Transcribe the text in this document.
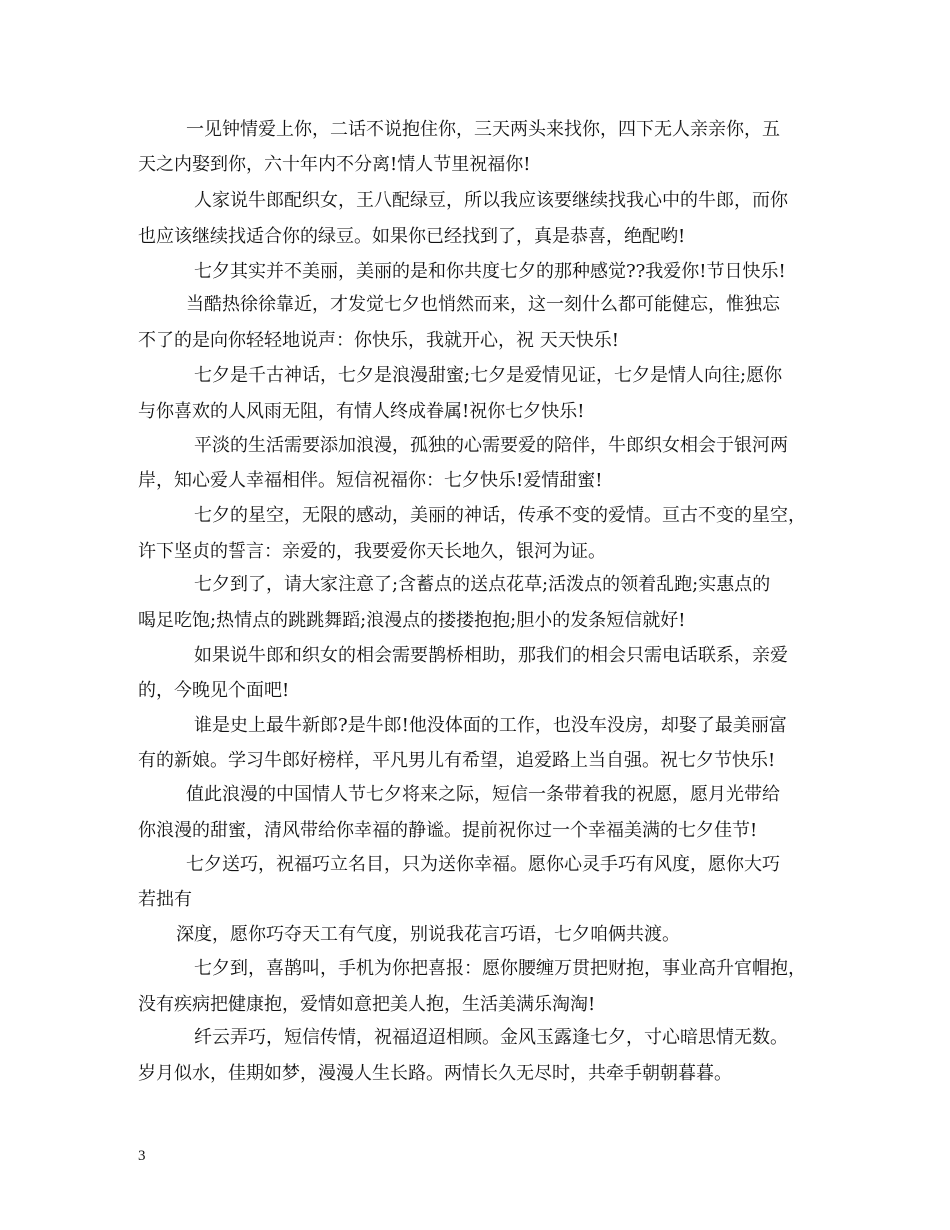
一见钟情爱上你，二话不说抱住你，三天两头来找你，四下无人亲亲你，五
天之内娶到你，六十年内不分离!情人节里祝福你!
人家说牛郎配织女，王八配绿豆，所以我应该要继续找我心中的牛郎，而你
也应该继续找适合你的绿豆。如果你已经找到了，真是恭喜，绝配哟!
七夕其实并不美丽，美丽的是和你共度七夕的那种感觉??我爱你!节日快乐!
当酷热徐徐靠近，才发觉七夕也悄然而来，这一刻什么都可能健忘，惟独忘
不了的是向你轻轻地说声：你快乐，我就开心，祝 天天快乐!
七夕是千古神话，七夕是浪漫甜蜜;七夕是爱情见证，七夕是情人向往;愿你
与你喜欢的人风雨无阻，有情人终成眷属!祝你七夕快乐!
平淡的生活需要添加浪漫，孤独的心需要爱的陪伴，牛郎织女相会于银河两
岸，知心爱人幸福相伴。短信祝福你：七夕快乐!爱情甜蜜!
七夕的星空，无限的感动，美丽的神话，传承不变的爱情。亘古不变的星空，
许下坚贞的誓言：亲爱的，我要爱你天长地久，银河为证。
七夕到了，请大家注意了;含蓄点的送点花草;活泼点的领着乱跑;实惠点的
喝足吃饱;热情点的跳跳舞蹈;浪漫点的搂搂抱抱;胆小的发条短信就好!
如果说牛郎和织女的相会需要鹊桥相助，那我们的相会只需电话联系，亲爱
的，今晚见个面吧!
谁是史上最牛新郎?是牛郎!他没体面的工作，也没车没房，却娶了最美丽富
有的新娘。学习牛郎好榜样，平凡男儿有希望，追爱路上当自强。祝七夕节快乐!
值此浪漫的中国情人节七夕将来之际，短信一条带着我的祝愿，愿月光带给
你浪漫的甜蜜，清风带给你幸福的静谧。提前祝你过一个幸福美满的七夕佳节!
七夕送巧，祝福巧立名目，只为送你幸福。愿你心灵手巧有风度，愿你大巧
若拙有
深度，愿你巧夺天工有气度，别说我花言巧语，七夕咱俩共渡。
七夕到，喜鹊叫，手机为你把喜报：愿你腰缠万贯把财抱，事业高升官帽抱，
没有疾病把健康抱，爱情如意把美人抱，生活美满乐淘淘!
纤云弄巧，短信传情，祝福迢迢相顾。金风玉露逢七夕，寸心暗思情无数。
岁月似水，佳期如梦，漫漫人生长路。两情长久无尽时，共牵手朝朝暮暮。
3
